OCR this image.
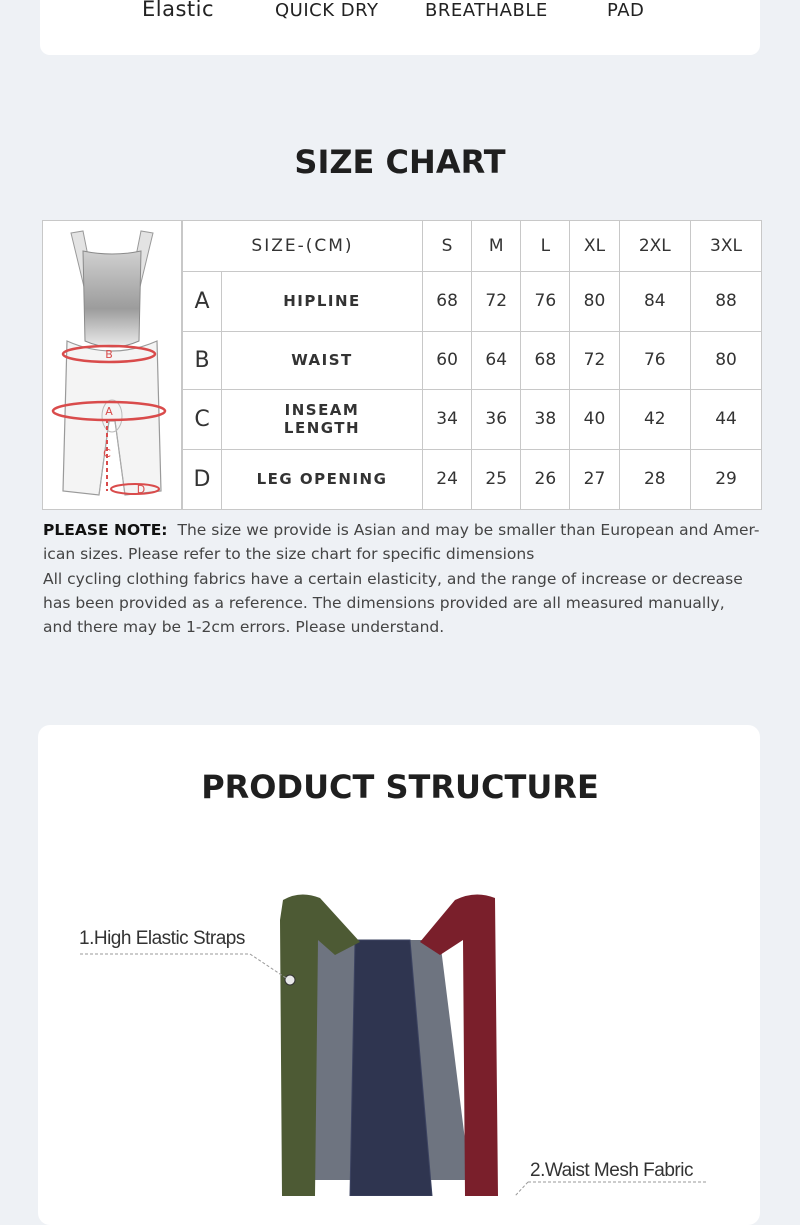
Elastic	QUICK DRY	BREATHABLE	PAD
SIZE CHART
B
A
C
D
SIZE-(CM)		S	M	L	XL	2XL	3XL
A	HIPLINE	68	72	76	80	84	88
B	WAIST	60	64	68	72	76	80
C	INSEAM LENGTH	34	36	38	40	42	44
D	LEG OPENING	24	25	26	27	28	29

PLEASE NOTE: The size we provide is Asian and may be smaller than European and Amer-

ican sizes. Please refer to the size chart for specific dimensions

All cycling clothing fabrics have a certain elasticity, and the range of increase or decrease

has been provided as a reference. The dimensions provided are all measured manually,

and there may be 1-2cm errors. Please understand.

PRODUCT STRUCTURE
1.High Elastic Straps
2.Waist Mesh Fabric
